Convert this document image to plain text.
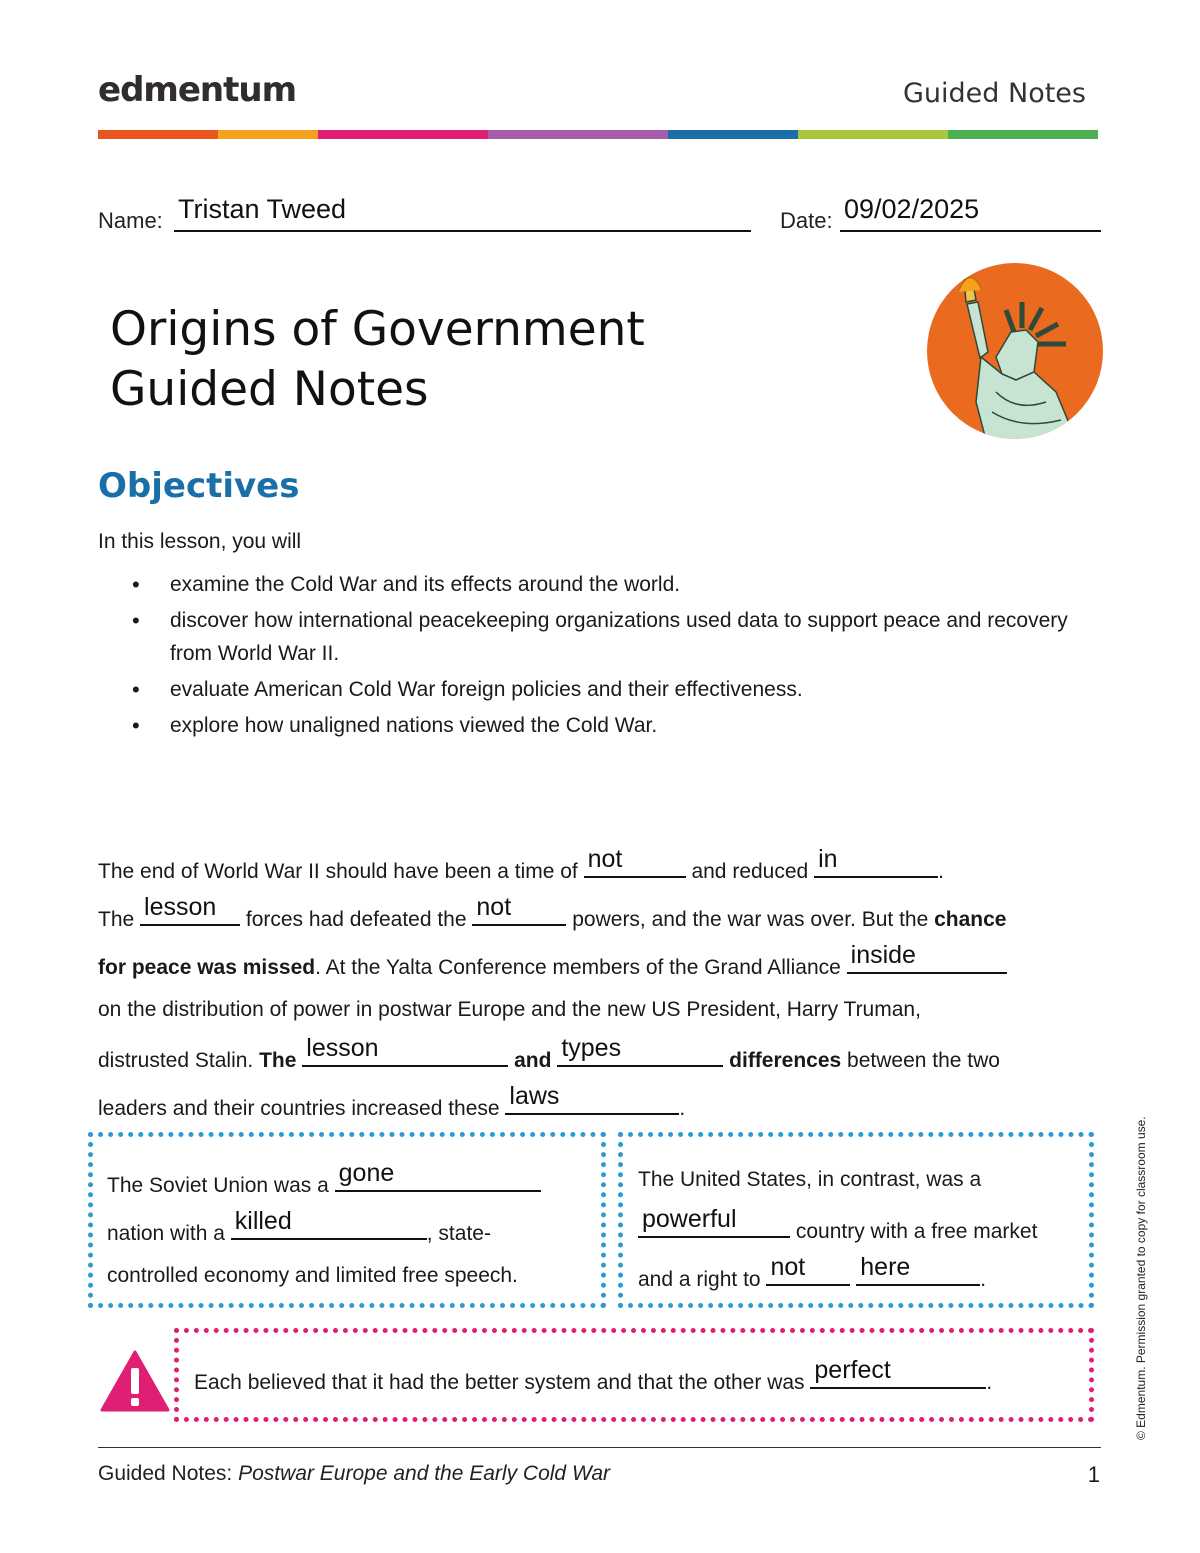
edmentum	Guided Notes
Name: Tristan Tweed	Date: 09/02/2025
Origins of Government
Guided Notes
Objectives
In this lesson, you will
• examine the Cold War and its effects around the world.
• discover how international peacekeeping organizations used data to support peace and recovery from World War II.
• evaluate American Cold War foreign policies and their effectiveness.
• explore how unaligned nations viewed the Cold War.
The end of World War II should have been a time of not	and reduced in	.
The lesson forces had defeated the not	powers, and the war was over. But the chance
for peace was missed. At the Yalta Conference members of the Grand Alliance inside
on the distribution of power in postwar Europe and the new US President, Harry Truman,
distrusted Stalin. The lesson	and types	differences between the two
leaders and their countries increased these laws	.
The Soviet Union was a gone
nation with a killed	, state-
controlled economy and limited free speech.
The United States, in contrast, was a
powerful	country with a free market
and a right to not
here	.
Each believed that it had the better system and that the other was perfect	.	© Edmentum. Permission granted to copy for classroom use.
Guided Notes: Postwar Europe and the Early Cold War	1
